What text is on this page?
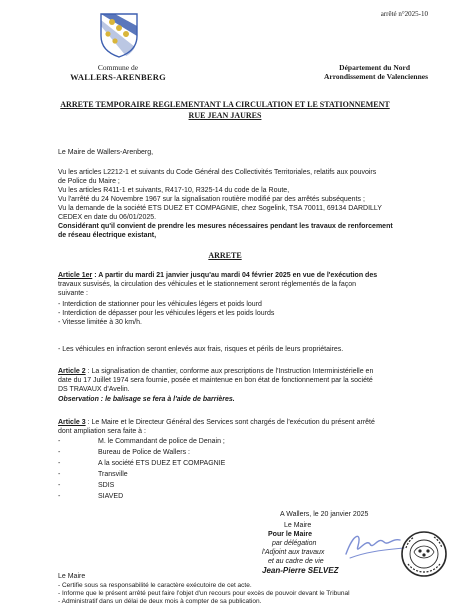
arrêté n°2025-10
Commune de
WALLERS-ARENBERG
Département du Nord
Arrondissement de Valenciennes
ARRETE TEMPORAIRE REGLEMENTANT LA CIRCULATION ET LE STATIONNEMENT RUE JEAN JAURES
Le Maire de Wallers-Arenberg,
Vu les articles L2212-1 et suivants du Code Général des Collectivités Territoriales, relatifs aux pouvoirs
de Police du Maire ;
Vu les articles R411-1 et suivants, R417-10, R325-14 du code de la Route,
Vu l'arrêté du 24 Novembre 1967 sur la signalisation routière modifié par des arrêtés subséquents ;
Vu la demande de la société ETS DUEZ ET COMPAGNIE, chez Sogelink, TSA 70011, 69134 DARDILLY
CEDEX en date du 06/01/2025.
Considérant qu'il convient de prendre les mesures nécessaires pendant les travaux de renforcement
de réseau électrique existant,
ARRETE
Article 1er : A partir du mardi 21 janvier jusqu'au mardi 04 février 2025 en vue de l'exécution des
travaux susvisés, la circulation des véhicules et le stationnement seront réglementés de la façon
suivante :
- Interdiction de stationner pour les véhicules légers et poids lourd
- Interdiction de dépasser pour les véhicules légers et les poids lourds
- Vitesse limitée à 30 km/h.
- Les véhicules en infraction seront enlevés aux frais, risques et périls de leurs propriétaires.
Article 2 : La signalisation de chantier, conforme aux prescriptions de l'Instruction Interministérielle en
date du 17 Juillet 1974 sera fournie, posée et maintenue en bon état de fonctionnement par la société
DS TRAVAUX d'Avelin.
Observation : le balisage se fera à l'aide de barrières.
Article 3 : Le Maire et le Directeur Général des Services sont chargés de l'exécution du présent arrêté
dont ampliation sera faite à :
-	M. le Commandant de police de Denain ;
-	Bureau de Police de Wallers :
-	A la société ETS DUEZ ET COMPAGNIE
-	Transville
-	SDIS
-	SIAVED
A Wallers, le 20 janvier 2025
Le Maire
Pour le Maire
par délégation
l'Adjoint aux travaux
et au cadre de vie
Jean-Pierre SELVEZ
Le Maire
- Certifie sous sa responsabilité le caractère exécutoire de cet acte.
- Informe que le présent arrêté peut faire l'objet d'un recours pour excès de pouvoir devant le Tribunal
- Administratif dans un délai de deux mois à compter de sa publication.
